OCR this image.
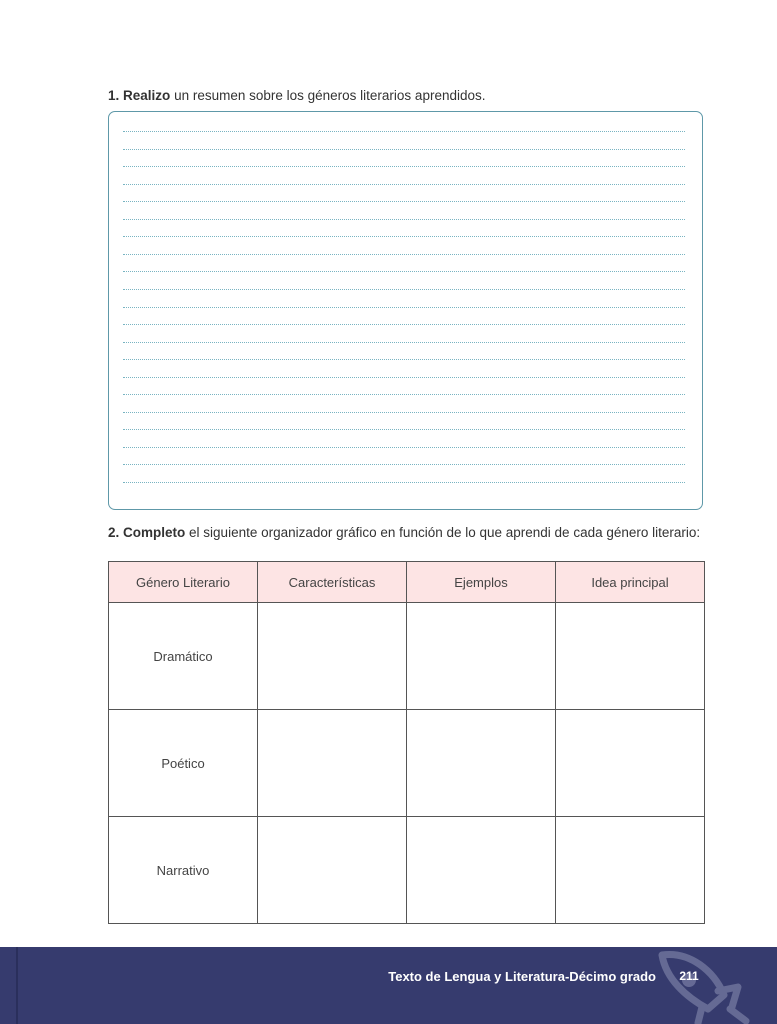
1. Realizo un resumen sobre los géneros literarios aprendidos.
2. Completo el siguiente organizador gráfico en función de lo que aprendi de cada género literario:
Género Literario	Características	Ejemplos	Idea principal
Dramático			
Poético			
Narrativo			
Texto de Lengua y Literatura-Décimo grado	211
